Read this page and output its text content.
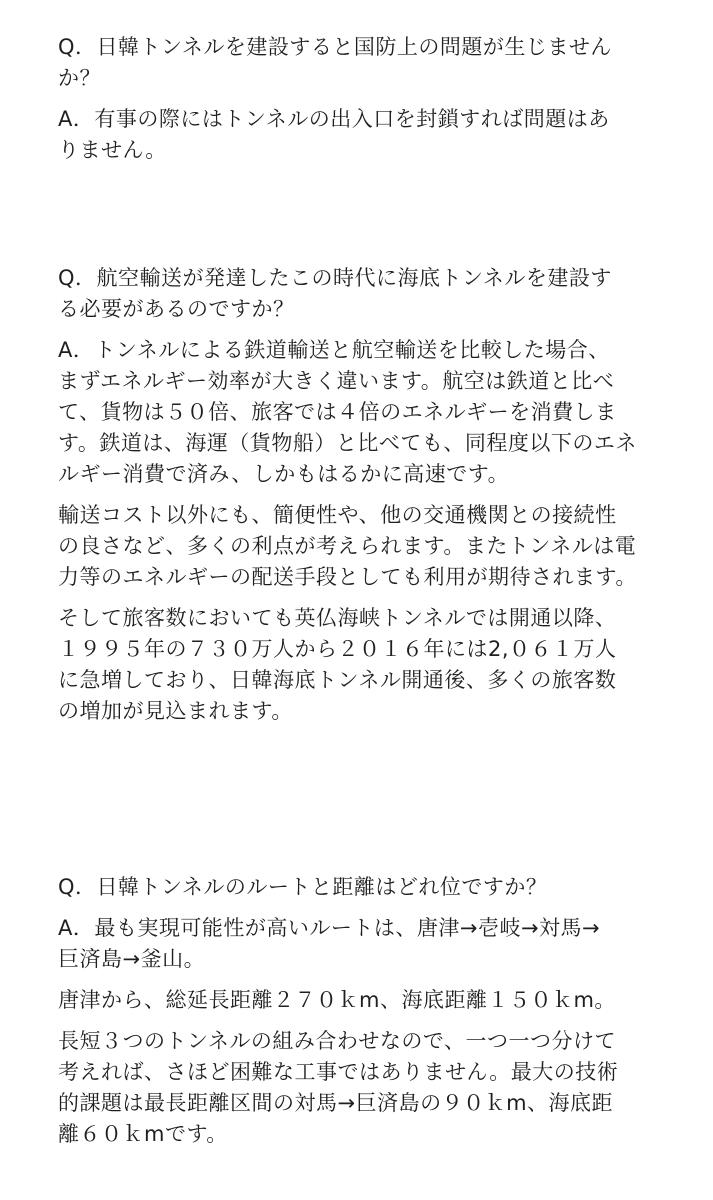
Q．日韓トンネルを建設すると国防上の問題が生じません
か？

A．有事の際にはトンネルの出入口を封鎖すれば問題はあ
りません。

Q．航空輸送が発達したこの時代に海底トンネルを建設す
る必要があるのですか？

A．トンネルによる鉄道輸送と航空輸送を比較した場合、
まずエネルギー効率が大きく違います。航空は鉄道と比べ
て、貨物は５０倍、旅客では４倍のエネルギーを消費しま
す。鉄道は、海運（貨物船）と比べても、同程度以下のエネ
ルギー消費で済み、しかもはるかに高速です。

輸送コスト以外にも、簡便性や、他の交通機関との接続性
の良さなど、多くの利点が考えられます。またトンネルは電
力等のエネルギーの配送手段としても利用が期待されます。

そして旅客数においても英仏海峡トンネルでは開通以降、
１９９５年の７３０万人から２０１６年には2,０６１万人
に急増しており、日韓海底トンネル開通後、多くの旅客数
の増加が見込まれます。

Q．日韓トンネルのルートと距離はどれ位ですか？

A．最も実現可能性が高いルートは、唐津→壱岐→対馬→
巨済島→釜山。

唐津から、総延長距離２７０ｋm、海底距離１５０ｋm。

長短３つのトンネルの組み合わせなので、一つ一つ分けて
考えれば、さほど困難な工事ではありません。最大の技術
的課題は最長距離区間の対馬→巨済島の９０ｋm、海底距
離６０ｋmです。
